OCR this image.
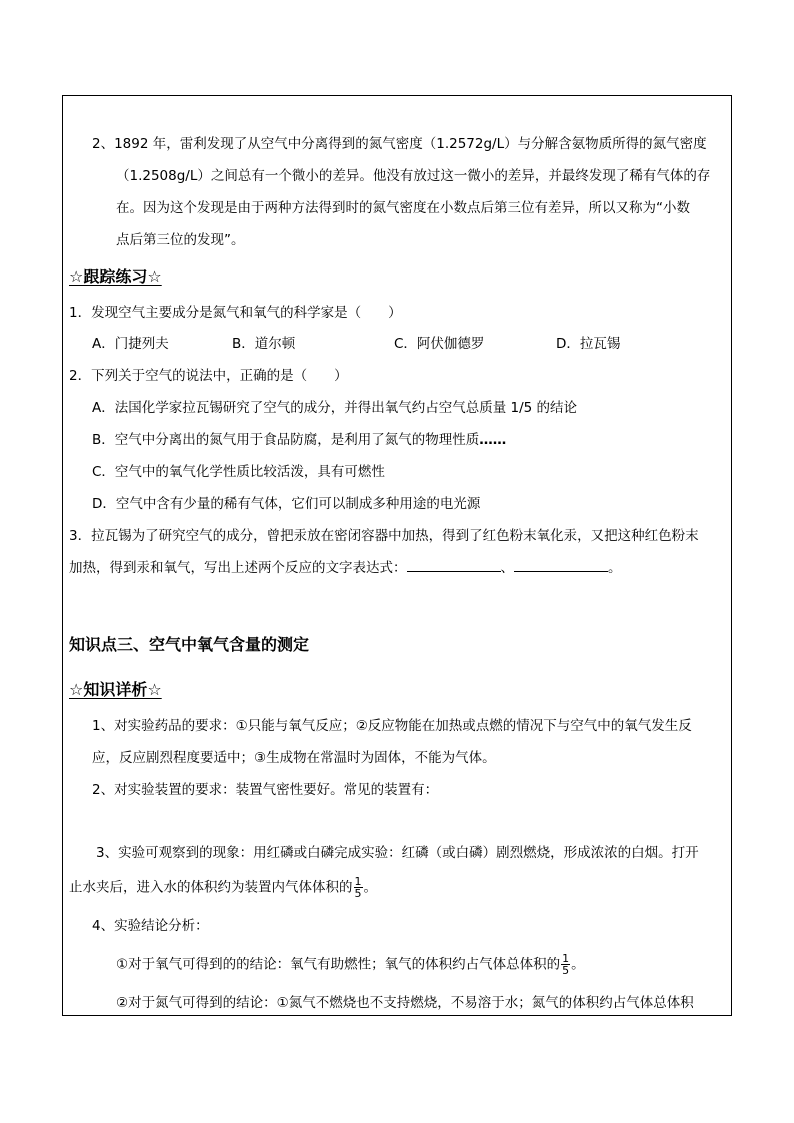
2、1892 年，雷利发现了从空气中分离得到的氮气密度（1.2572g/L）与分解含氨物质所得的氮气密度
（1.2508g/L）之间总有一个微小的差异。他没有放过这一微小的差异，并最终发现了稀有气体的存
在。因为这个发现是由于两种方法得到时的氮气密度在小数点后第三位有差异，所以又称为“小数
点后第三位的发现”。
☆跟踪练习☆
1．发现空气主要成分是氮气和氧气的科学家是（　　）
A．门捷列夫	B．道尔顿	C．阿伏伽德罗	D．拉瓦锡
2．下列关于空气的说法中，正确的是（　　）
A．法国化学家拉瓦锡研究了空气的成分，并得出氧气约占空气总质量 1/5 的结论
B．空气中分离出的氮气用于食品防腐，是利用了氮气的物理性质……
C．空气中的氧气化学性质比较活泼，具有可燃性
D．空气中含有少量的稀有气体，它们可以制成多种用途的电光源
3．拉瓦锡为了研究空气的成分，曾把汞放在密闭容器中加热，得到了红色粉末氧化汞，又把这种红色粉末
加热，得到汞和氧气，写出上述两个反应的文字表达式：	、	。
知识点三、空气中氧气含量的测定
☆知识详析☆
1、对实验药品的要求：①只能与氧气反应；②反应物能在加热或点燃的情况下与空气中的氧气发生反
应，反应剧烈程度要适中；③生成物在常温时为固体，不能为气体。
2、对实验装置的要求：装置气密性要好。常见的装置有：
3、实验可观察到的现象：用红磷或白磷完成实验：红磷（或白磷）剧烈燃烧，形成浓浓的白烟。打开
止水夹后，进入水的体积约为装置内气体体积的 $\frac{1}{5}$ 。
4、实验结论分析：
①对于氧气可得到的的结论：氧气有助燃性；氧气的体积约占气体总体积的 $\frac{1}{5}$ 。
②对于氮气可得到的结论：①氮气不燃烧也不支持燃烧，不易溶于水；氮气的体积约占气体总体积
